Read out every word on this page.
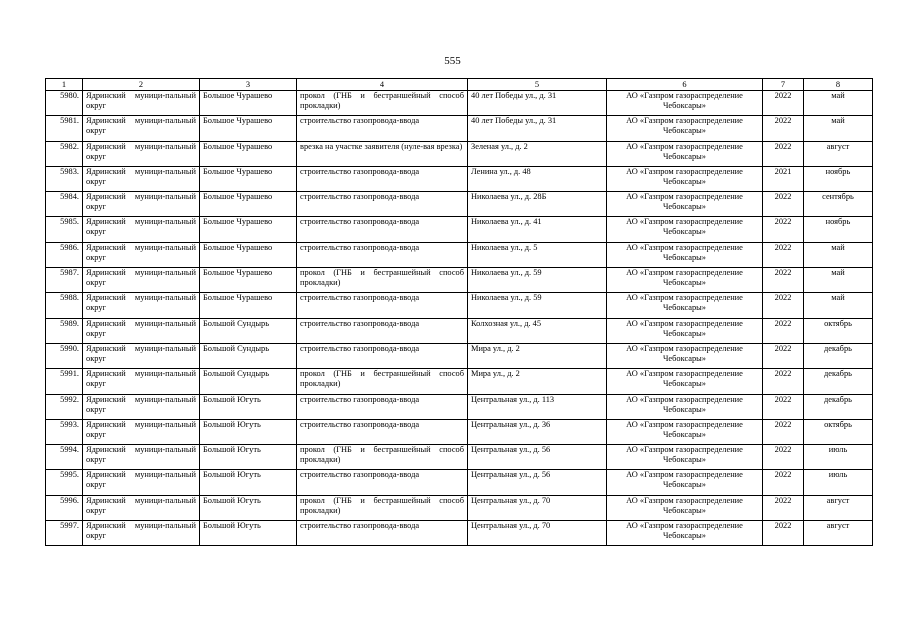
555
1	2	3	4	5	6	7	8
5980.	Ядринский муници-пальный округ	Большое Чурашево	прокол (ГНБ и бестраншейный способ прокладки)	40 лет Победы ул., д. 31	АО «Газпром газораспределение Чебоксары»	2022	май
5981.	Ядринский муници-пальный округ	Большое Чурашево	строительство газопровода-ввода	40 лет Победы ул., д. 31	АО «Газпром газораспределение Чебоксары»	2022	май
5982.	Ядринский муници-пальный округ	Большое Чурашево	врезка на участке заявителя (нуле-вая врезка)	Зеленая ул., д. 2	АО «Газпром газораспределение Чебоксары»	2022	август
5983.	Ядринский муници-пальный округ	Большое Чурашево	строительство газопровода-ввода	Ленина ул., д. 48	АО «Газпром газораспределение Чебоксары»	2021	ноябрь
5984.	Ядринский муници-пальный округ	Большое Чурашево	строительство газопровода-ввода	Николаева ул., д. 28Б	АО «Газпром газораспределение Чебоксары»	2022	сентябрь
5985.	Ядринский муници-пальный округ	Большое Чурашево	строительство газопровода-ввода	Николаева ул., д. 41	АО «Газпром газораспределение Чебоксары»	2022	ноябрь
5986.	Ядринский муници-пальный округ	Большое Чурашево	строительство газопровода-ввода	Николаева ул., д. 5	АО «Газпром газораспределение Чебоксары»	2022	май
5987.	Ядринский муници-пальный округ	Большое Чурашево	прокол (ГНБ и бестраншейный способ прокладки)	Николаева ул., д. 59	АО «Газпром газораспределение Чебоксары»	2022	май
5988.	Ядринский муници-пальный округ	Большое Чурашево	строительство газопровода-ввода	Николаева ул., д. 59	АО «Газпром газораспределение Чебоксары»	2022	май
5989.	Ядринский муници-пальный округ	Большой Сундырь	строительство газопровода-ввода	Колхозная ул., д. 45	АО «Газпром газораспределение Чебоксары»	2022	октябрь
5990.	Ядринский муници-пальный округ	Большой Сундырь	строительство газопровода-ввода	Мира ул., д. 2	АО «Газпром газораспределение Чебоксары»	2022	декабрь
5991.	Ядринский муници-пальный округ	Большой Сундырь	прокол (ГНБ и бестраншейный способ прокладки)	Мира ул., д. 2	АО «Газпром газораспределение Чебоксары»	2022	декабрь
5992.	Ядринский муници-пальный округ	Большой Югуть	строительство газопровода-ввода	Центральная ул., д. 113	АО «Газпром газораспределение Чебоксары»	2022	декабрь
5993.	Ядринский муници-пальный округ	Большой Югуть	строительство газопровода-ввода	Центральная ул., д. 36	АО «Газпром газораспределение Чебоксары»	2022	октябрь
5994.	Ядринский муници-пальный округ	Большой Югуть	прокол (ГНБ и бестраншейный способ прокладки)	Центральная ул., д. 56	АО «Газпром газораспределение Чебоксары»	2022	июль
5995.	Ядринский муници-пальный округ	Большой Югуть	строительство газопровода-ввода	Центральная ул., д. 56	АО «Газпром газораспределение Чебоксары»	2022	июль
5996.	Ядринский муници-пальный округ	Большой Югуть	прокол (ГНБ и бестраншейный способ прокладки)	Центральная ул., д. 70	АО «Газпром газораспределение Чебоксары»	2022	август
5997.	Ядринский муници-пальный округ	Большой Югуть	строительство газопровода-ввода	Центральная ул., д. 70	АО «Газпром газораспределение Чебоксары»	2022	август
